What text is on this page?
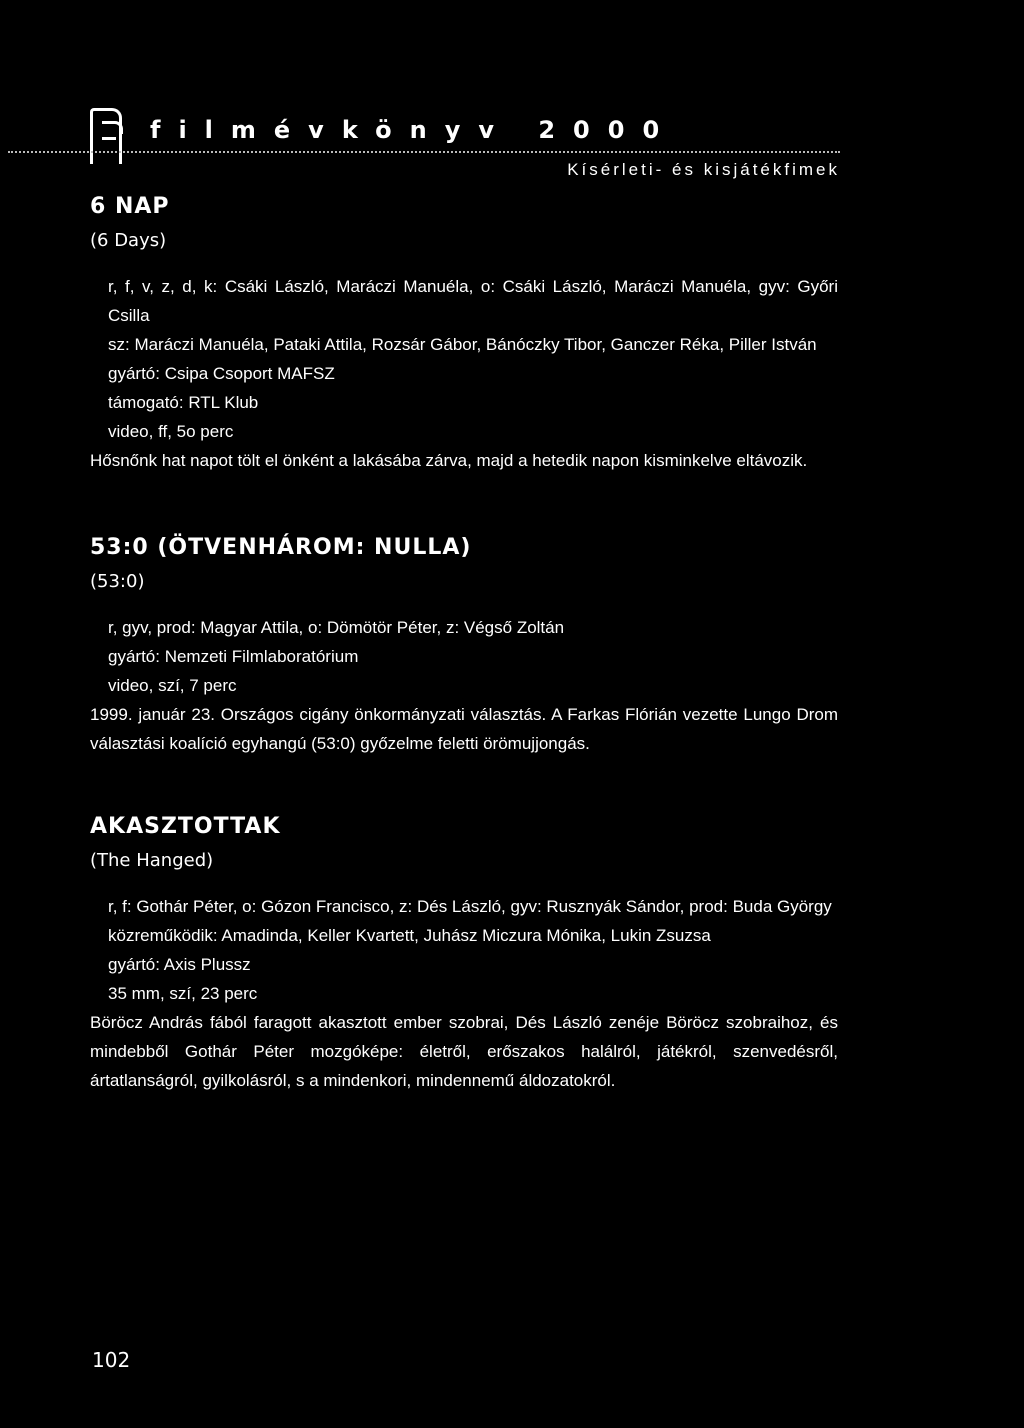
filmévkönyv 2000
Kísérleti- és kisjátékfimek

6 NAP

(6 Days)

r, f, v, z, d, k: Csáki László, Maráczi Manuéla, o: Csáki László, Maráczi Manuéla, gyv: Győri Csilla

sz: Maráczi Manuéla, Pataki Attila, Rozsár Gábor, Bánóczky Tibor, Ganczer Réka, Piller István

gyártó: Csipa Csoport MAFSZ

támogató: RTL Klub

video, ff, 5o perc

Hősnőnk hat napot tölt el önként a lakásába zárva, majd a hetedik napon kisminkelve eltávozik.

53:0 (ÖTVENHÁROM: NULLA)

(53:0)

r, gyv, prod: Magyar Attila, o: Dömötör Péter, z: Végső Zoltán

gyártó: Nemzeti Filmlaboratórium

video, szí, 7 perc

1999. január 23. Országos cigány önkormányzati választás. A Farkas Flórián vezette Lungo Drom választási koalíció egyhangú (53:0) győzelme feletti örömujjongás.

AKASZTOTTAK

(The Hanged)

r, f: Gothár Péter, o: Gózon Francisco, z: Dés László, gyv: Rusznyák Sándor, prod: Buda György

közreműködik: Amadinda, Keller Kvartett, Juhász Miczura Mónika, Lukin Zsuzsa

gyártó: Axis Plussz

35 mm, szí, 23 perc

Böröcz András fából faragott akasztott ember szobrai, Dés László zenéje Böröcz szobraihoz, és mindebből Gothár Péter mozgóképe: életről, erőszakos halálról, játékról, szenvedésről, ártatlanságról, gyilkolásról, s a mindenkori, mindennemű áldozatokról.

102
